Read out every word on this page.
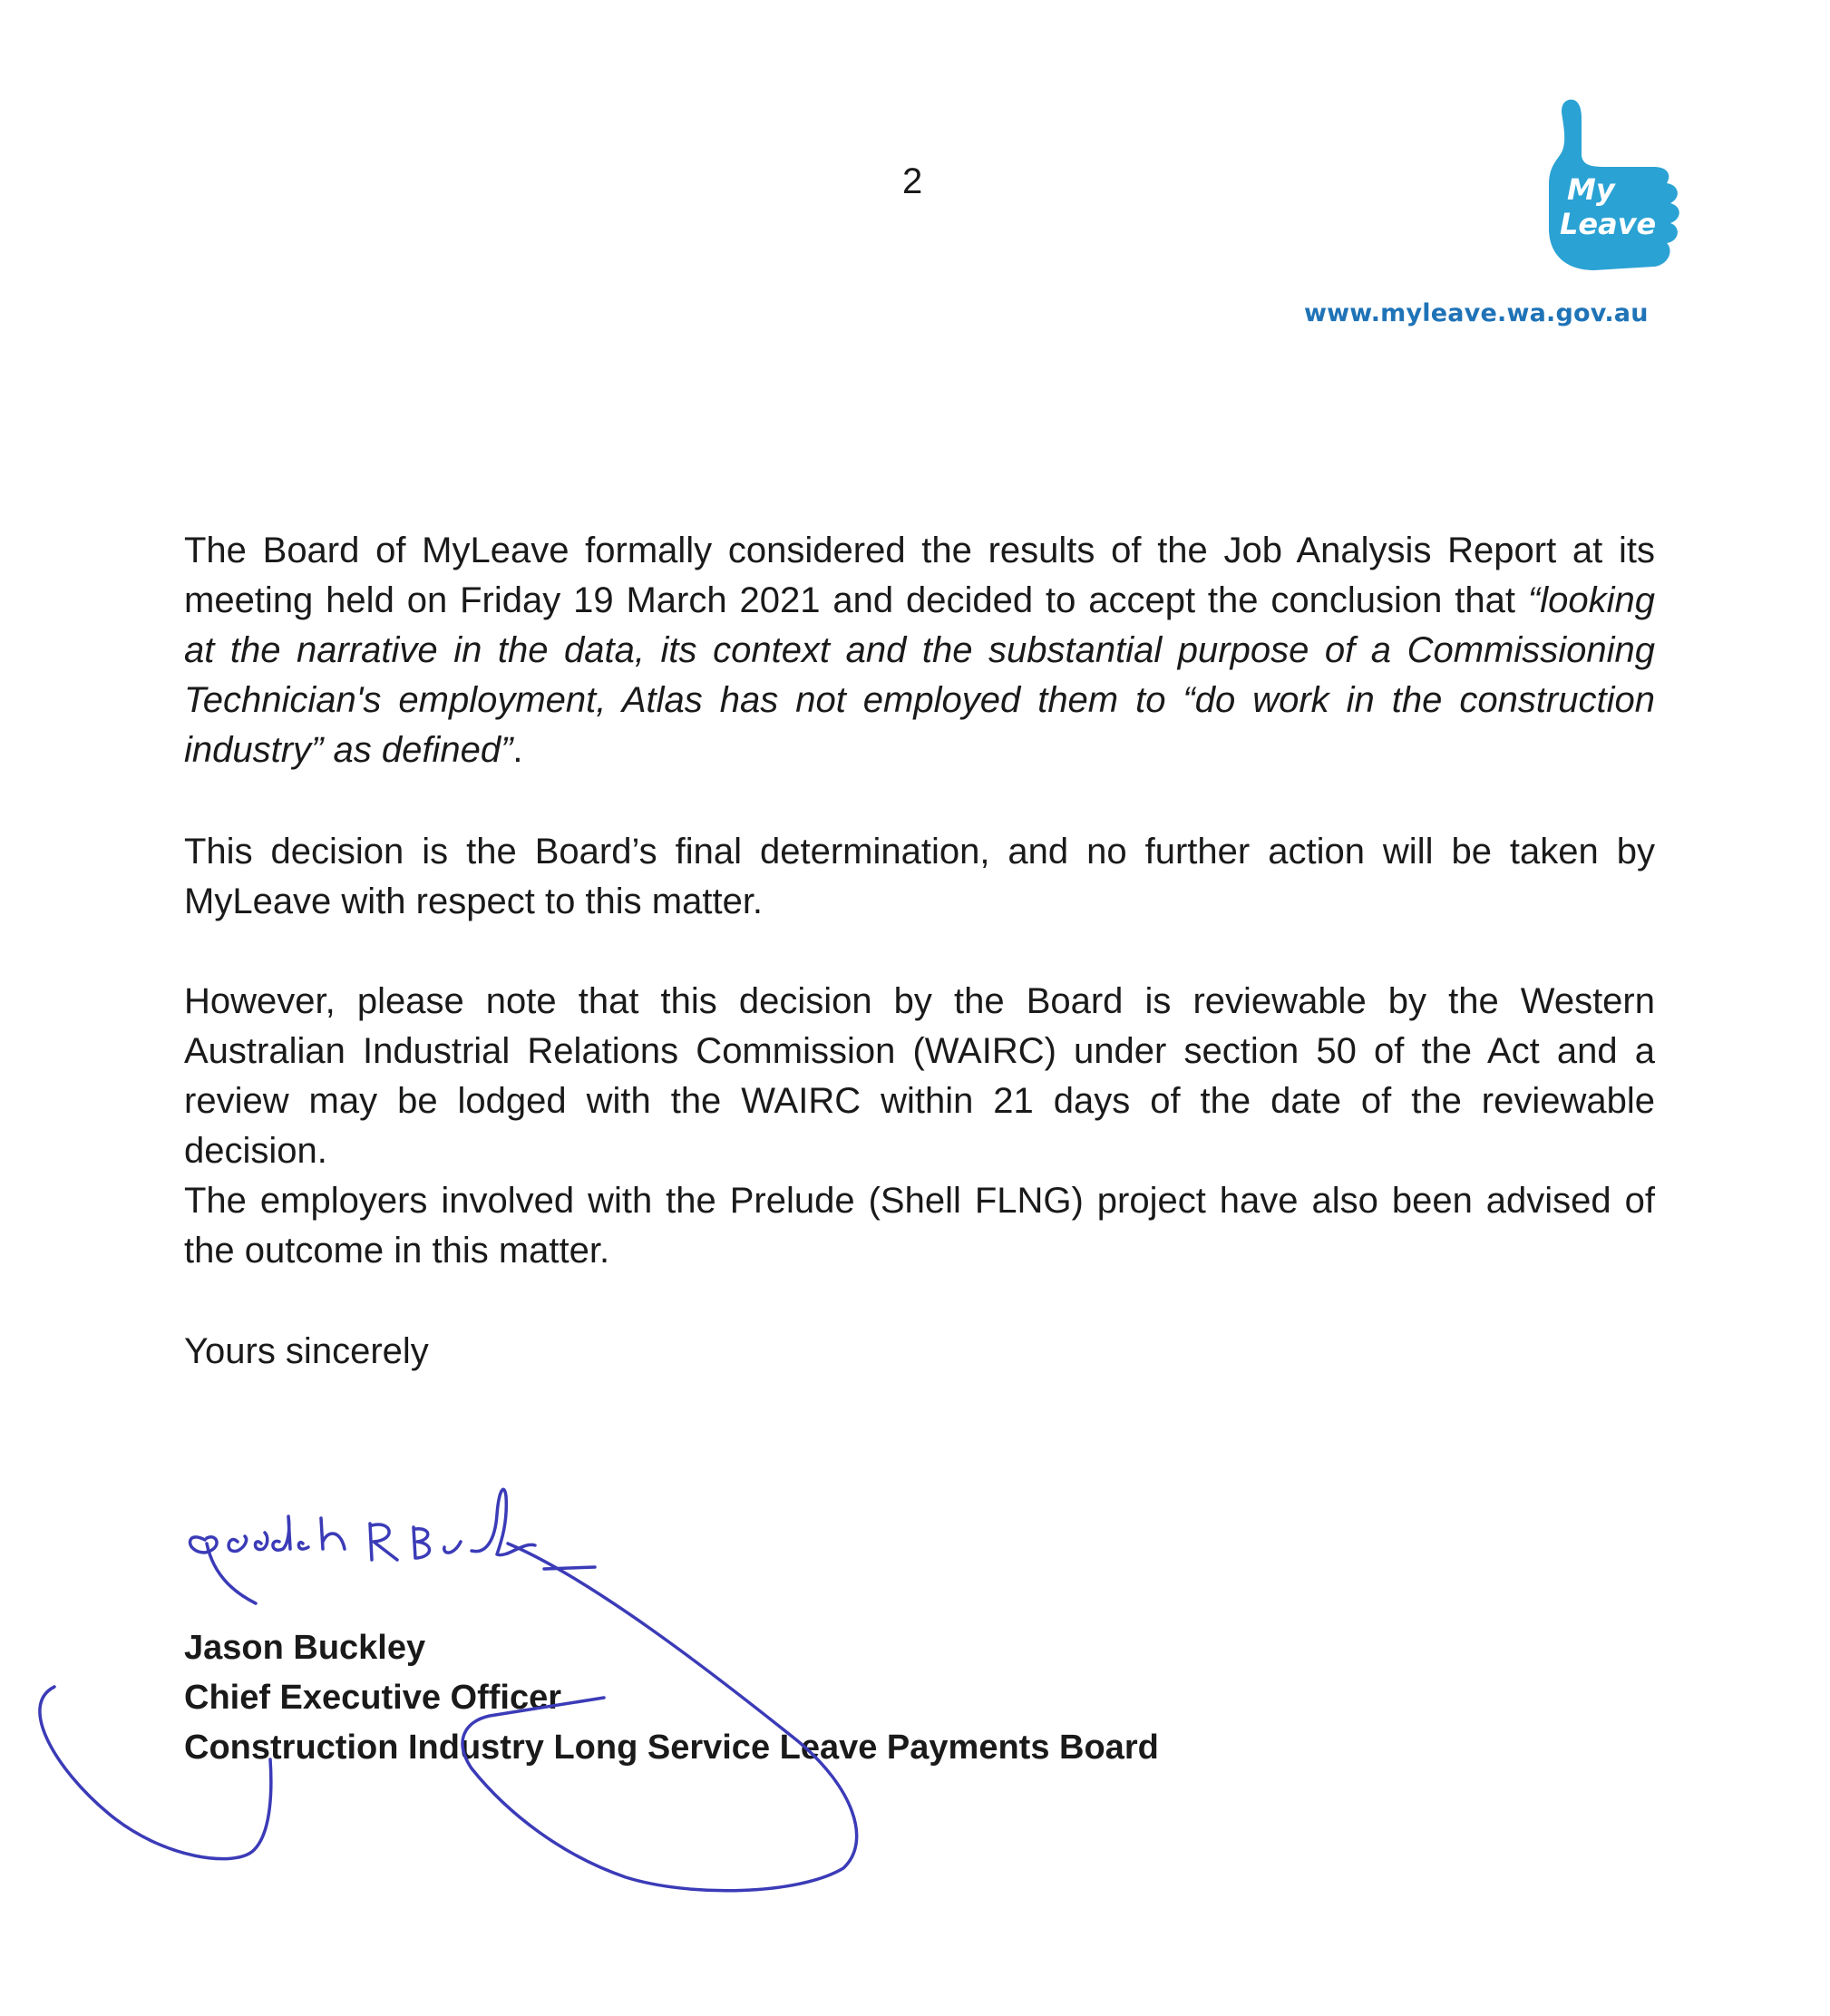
2	My
Leave
www.myleave.wa.gov.au
The Board of MyLeave formally considered the results of the Job Analysis Report at its meeting held on Friday 19 March 2021 and decided to accept the conclusion that “looking at the narrative in the data, its context and the substantial purpose of a Commissioning Technician's employment, Atlas has not employed them to “do work in the construction industry” as defined”.
This decision is the Board’s final determination, and no further action will be taken by MyLeave with respect to this matter.
However, please note that this decision by the Board is reviewable by the Western Australian Industrial Relations Commission (WAIRC) under section 50 of the Act and a review may be lodged with the WAIRC within 21 days of the date of the reviewable decision.
The employers involved with the Prelude (Shell FLNG) project have also been advised of the outcome in this matter.
Yours sincerely
Jason Buckley
Chief Executive Officer
Construction Industry Long Service Leave Payments Board
